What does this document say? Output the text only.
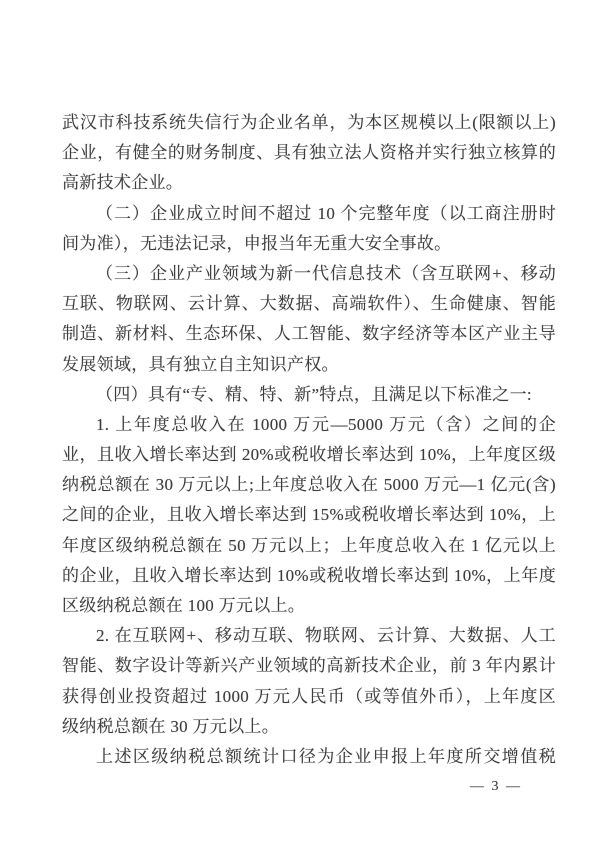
武汉市科技系统失信行为企业名单，为本区规模以上(限额以上)
企业，有健全的财务制度、具有独立法人资格并实行独立核算的
高新技术企业。
（二）企业成立时间不超过 10 个完整年度（以工商注册时
间为准），无违法记录，申报当年无重大安全事故。
（三）企业产业领域为新一代信息技术（含互联网+、移动
互联、物联网、云计算、大数据、高端软件）、生命健康、智能
制造、新材料、生态环保、人工智能、数字经济等本区产业主导
发展领域，具有独立自主知识产权。
（四）具有“专、精、特、新”特点，且满足以下标准之一:
1. 上年度总收入在 1000 万元—5000 万元（含）之间的企
业，且收入增长率达到 20%或税收增长率达到 10%，上年度区级
纳税总额在 30 万元以上;上年度总收入在 5000 万元—1 亿元(含)
之间的企业，且收入增长率达到 15%或税收增长率达到 10%，上
年度区级纳税总额在 50 万元以上；上年度总收入在 1 亿元以上
的企业，且收入增长率达到 10%或税收增长率达到 10%，上年度
区级纳税总额在 100 万元以上。
2. 在互联网+、移动互联、物联网、云计算、大数据、人工
智能、数字设计等新兴产业领域的高新技术企业，前 3 年内累计
获得创业投资超过 1000 万元人民币（或等值外币），上年度区
级纳税总额在 30 万元以上。
上述区级纳税总额统计口径为企业申报上年度所交增值税
— 3 —
